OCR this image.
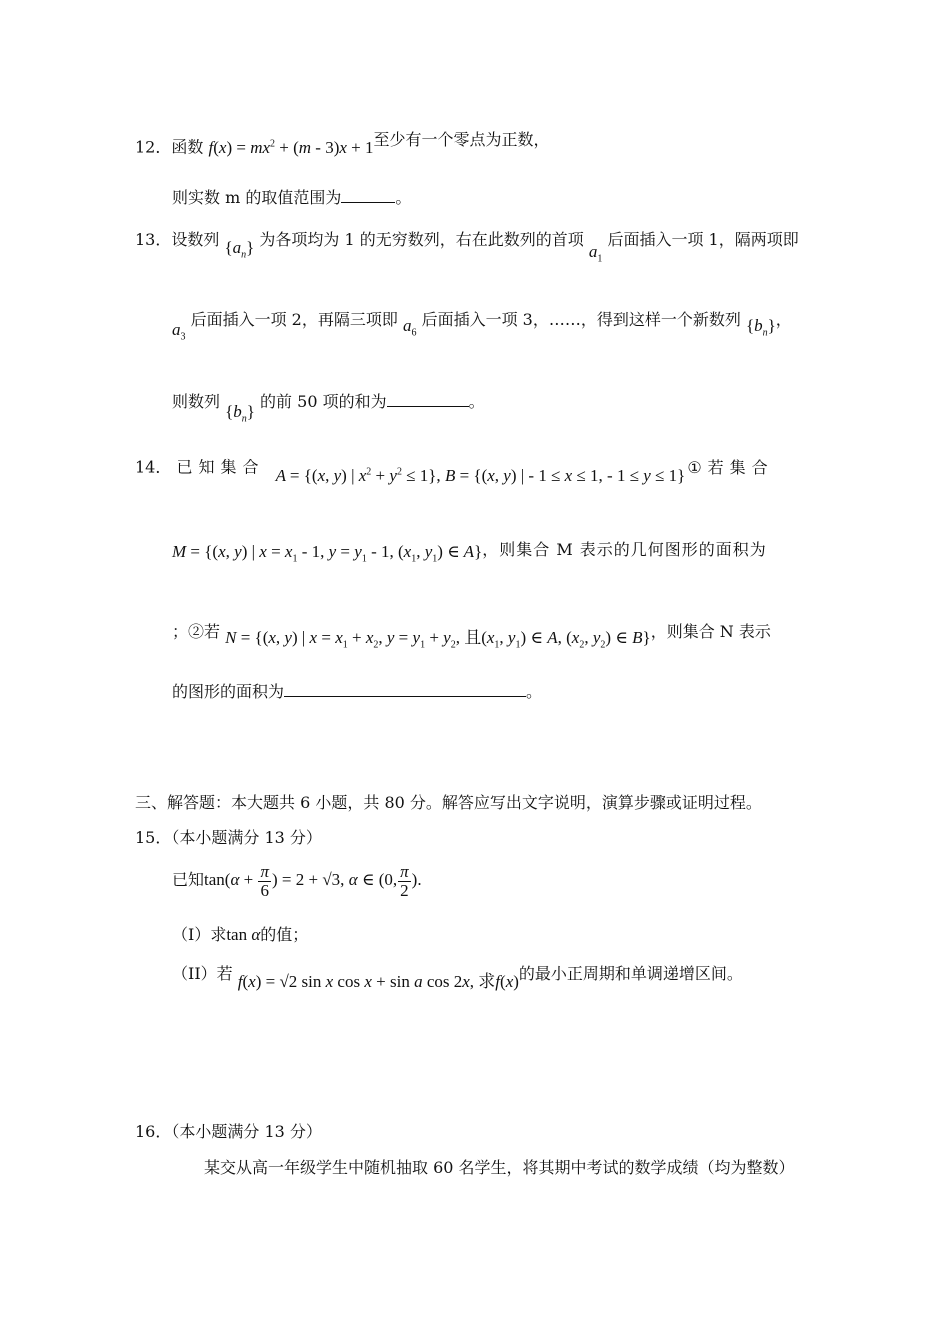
12．函数 $f(x) = mx^2 + (m - 3)x + 1$至少有一个零点为正数，
则实数 m 的取值范围为	。
13．设数列 $\{a_n\}$ 为各项均为 1 的无穷数列，右在此数列的首项 $a_1$ 后面插入一项 1，隔两项即
$a_3$ 后面插入一项 2，再隔三项即 $a_6$ 后面插入一项 3，……，得到这样一个新数列 $\{b_n\}$，
则数列 $\{b_n\}$ 的前 50 项的和为	。
14． 已知集合 A = {(x, y) | $x^2 + y^2 \le 1$}, B = {(x, y) | - 1 ≤ x ≤ 1, - 1 ≤ y ≤ 1} ①若集合
M = {(x, y) | $x = x_1 - 1$, $y = y_1 - 1$, ($x_1$, $y_1$) ∈ A}，则集合 M 表示的几何图形的面积为
；②若 N = {(x, y) | $x = x_1 + x_2$, $y = y_1 + y_2$, 且($x_1$, $y_1$) ∈ A, ($x_2$, $y_2$) ∈ B}，则集合 N 表示
的图形的面积为	。
三、解答题：本大题共 6 小题，共 80 分。解答应写出文字说明，演算步骤或证明过程。
15．（本小题满分 13 分）
已知$\tan(\alpha + \frac{\pi}{6}$ ) = 2 + √3, α ∈ (0, $\frac{\pi}{2}$ ).
（I）求tan α的值；
（II）若 f(x) = √2 sin x cos x + sin a cos 2x, 求f(x)的最小正周期和单调递增区间。
16．（本小题满分 13 分）
某交从高一年级学生中随机抽取 60 名学生，将其期中考试的数学成绩（均为整数）
